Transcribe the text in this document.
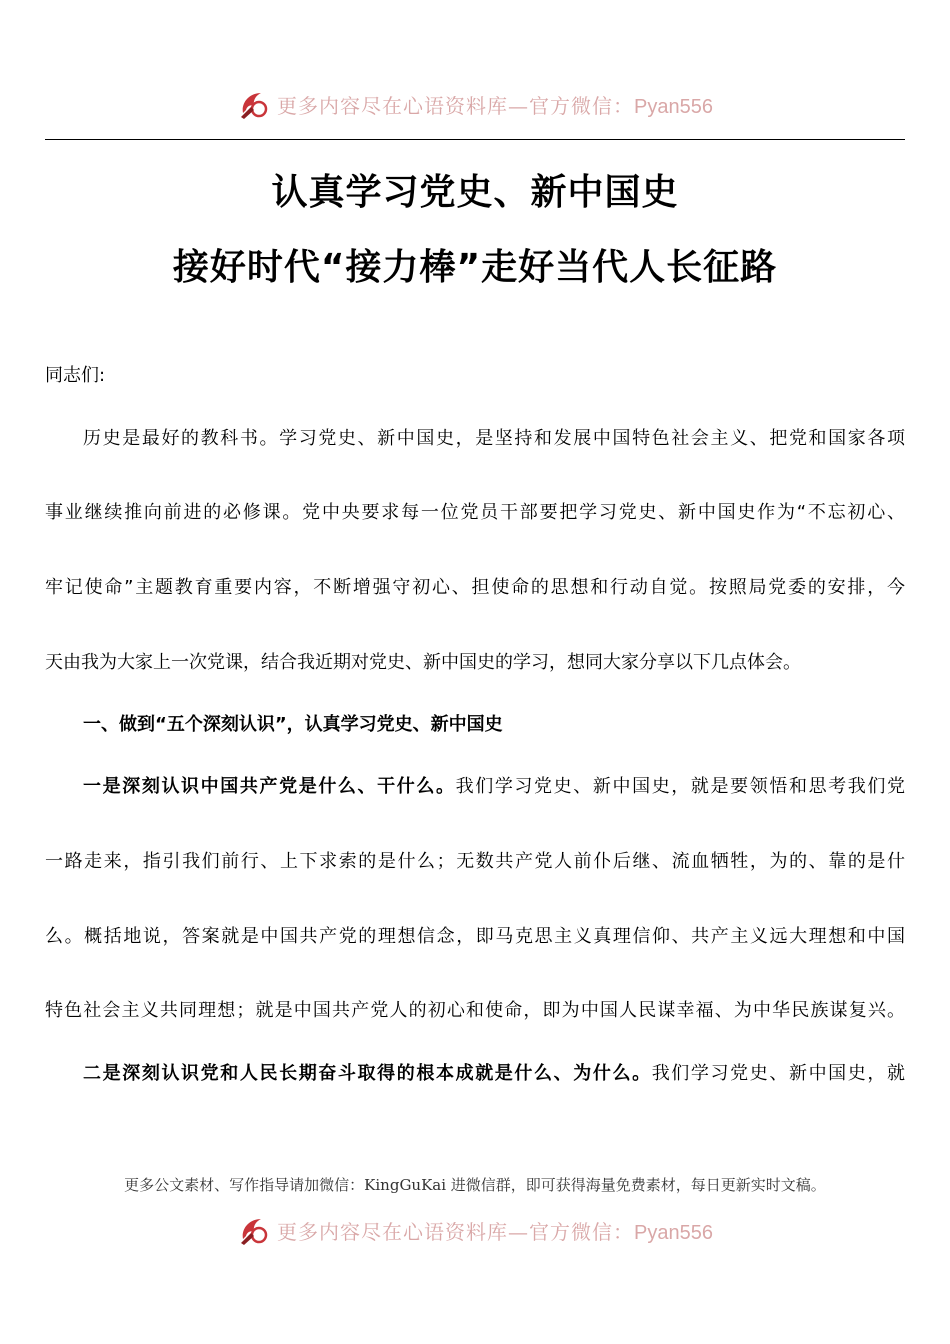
更多内容尽在心语资料库—官方微信：Pyan556
认真学习党史、新中国史
接好时代“接力棒”走好当代人长征路
同志们:
历史是最好的教科书。学习党史、新中国史，是坚持和发展中国特色社会主义、把党和国家各项
事业继续推向前进的必修课。党中央要求每一位党员干部要把学习党史、新中国史作为“不忘初心、
牢记使命”主题教育重要内容，不断增强守初心、担使命的思想和行动自觉。按照局党委的安排，今
天由我为大家上一次党课，结合我近期对党史、新中国史的学习，想同大家分享以下几点体会。
一、做到“五个深刻认识”，认真学习党史、新中国史
一是深刻认识中国共产党是什么、干什么。我们学习党史、新中国史，就是要领悟和思考我们党
一路走来，指引我们前行、上下求索的是什么；无数共产党人前仆后继、流血牺牲，为的、靠的是什
么。概括地说，答案就是中国共产党的理想信念，即马克思主义真理信仰、共产主义远大理想和中国
特色社会主义共同理想；就是中国共产党人的初心和使命，即为中国人民谋幸福、为中华民族谋复兴。
二是深刻认识党和人民长期奋斗取得的根本成就是什么、为什么。我们学习党史、新中国史，就
更多公文素材、写作指导请加微信：KingGuKai 进微信群，即可获得海量免费素材，每日更新实时文稿。
更多内容尽在心语资料库—官方微信：Pyan556
